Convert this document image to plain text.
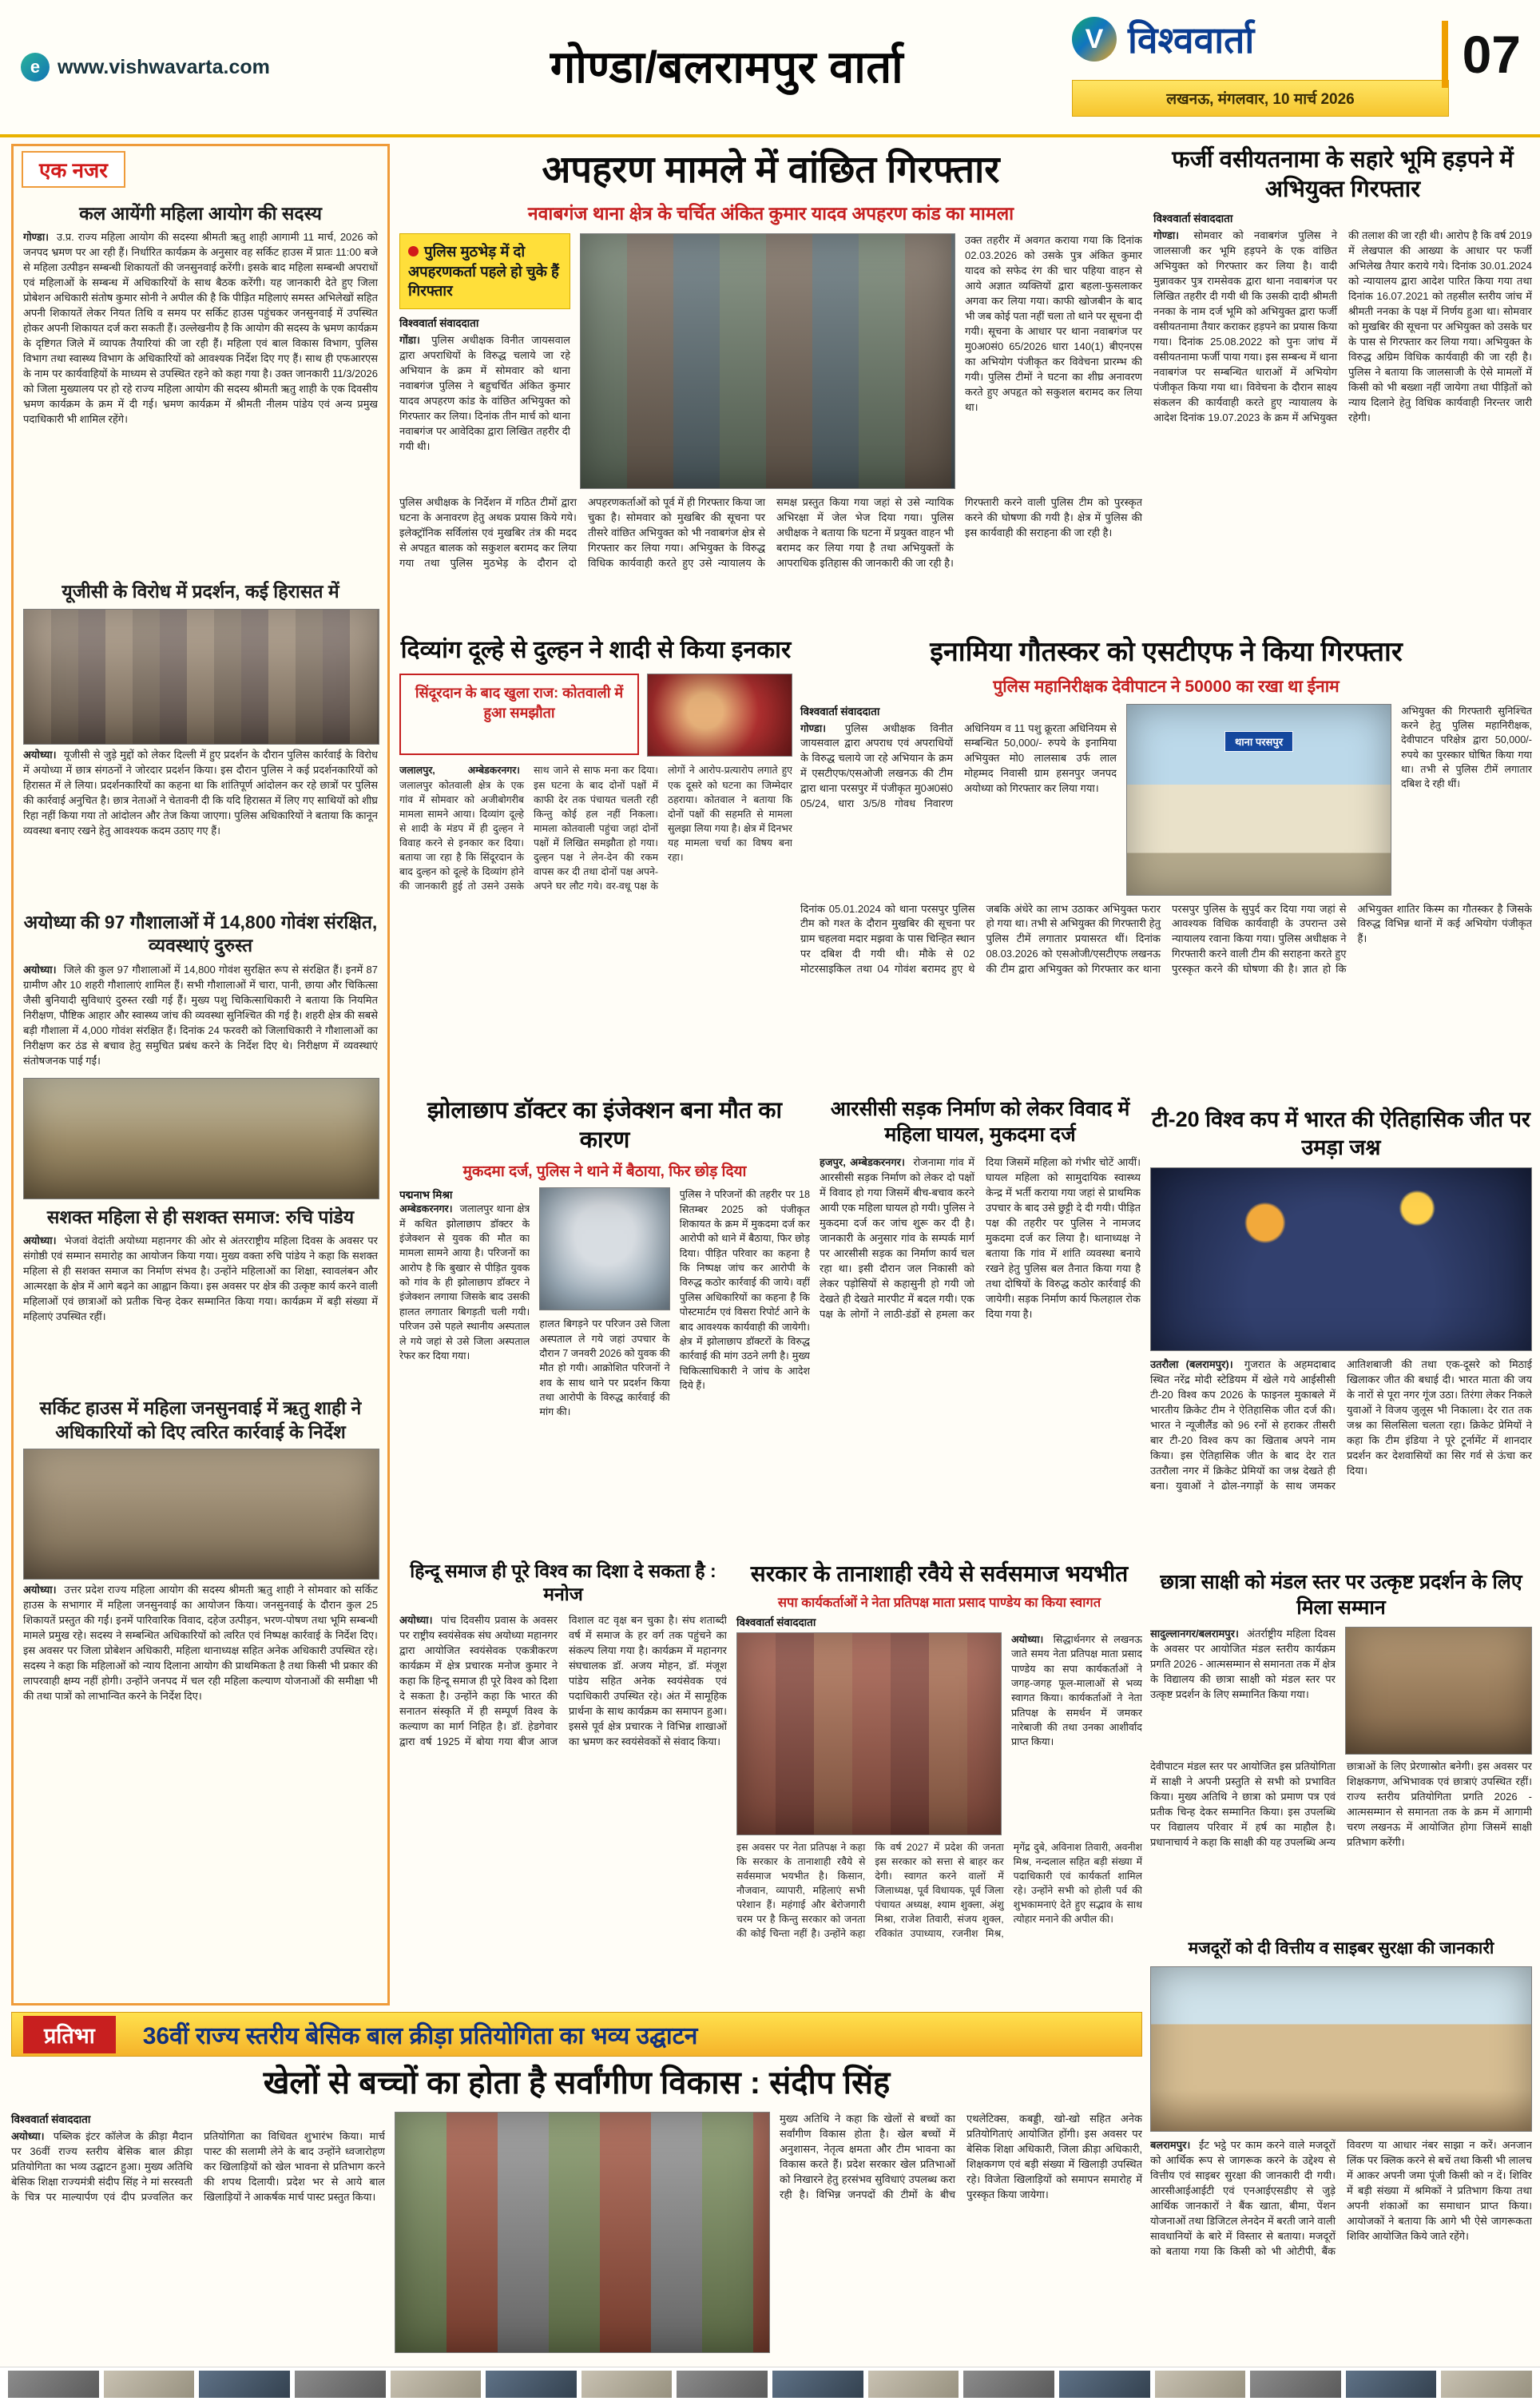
e www.vishwavarta.com	गोण्डा/बलरामपुर वार्ता
V विश्ववार्ता
लखनऊ, मंगलवार, 10 मार्च 2026
07
एक नजर
कल आयेंगी महिला आयोग की सदस्य
गोण्डा। उ.प्र. राज्य महिला आयोग की सदस्या श्रीमती ऋतु शाही आगामी 11 मार्च, 2026 को जनपद भ्रमण पर आ रही हैं। निर्धारित कार्यक्रम के अनुसार वह सर्किट हाउस में प्रातः 11:00 बजे से महिला उत्पीड़न सम्बन्धी शिकायतों की जनसुनवाई करेंगी। इसके बाद महिला सम्बन्धी अपराधों एवं महिलाओं के सम्बन्ध में अधिकारियों के साथ बैठक करेंगी। यह जानकारी देते हुए जिला प्रोबेशन अधिकारी संतोष कुमार सोनी ने अपील की है कि पीड़ित महिलाएं समस्त अभिलेखों सहित अपनी शिकायतें लेकर नियत तिथि व समय पर सर्किट हाउस पहुंचकर जनसुनवाई में उपस्थित होकर अपनी शिकायत दर्ज करा सकती हैं। उल्लेखनीय है कि आयोग की सदस्य के भ्रमण कार्यक्रम के दृष्टिगत जिले में व्यापक तैयारियां की जा रही हैं। महिला एवं बाल विकास विभाग, पुलिस विभाग तथा स्वास्थ्य विभाग के अधिकारियों को आवश्यक निर्देश दिए गए हैं। साथ ही एफआरएस के नाम पर कार्यवाहियों के माध्यम से उपस्थित रहने को कहा गया है। उक्त जानकारी 11/3/2026 को जिला मुख्यालय पर हो रहे राज्य महिला आयोग की सदस्य श्रीमती ऋतु शाही के एक दिवसीय भ्रमण कार्यक्रम के क्रम में दी गई। भ्रमण कार्यक्रम में श्रीमती नीलम पांडेय एवं अन्य प्रमुख पदाधिकारी भी शामिल रहेंगे।
यूजीसी के विरोध में प्रदर्शन, कई हिरासत में
अयोध्या। यूजीसी से जुड़े मुद्दों को लेकर दिल्ली में हुए प्रदर्शन के दौरान पुलिस कार्रवाई के विरोध में अयोध्या में छात्र संगठनों ने जोरदार प्रदर्शन किया। इस दौरान पुलिस ने कई प्रदर्शनकारियों को हिरासत में ले लिया। प्रदर्शनकारियों का कहना था कि शांतिपूर्ण आंदोलन कर रहे छात्रों पर पुलिस की कार्रवाई अनुचित है। छात्र नेताओं ने चेतावनी दी कि यदि हिरासत में लिए गए साथियों को शीघ्र रिहा नहीं किया गया तो आंदोलन और तेज किया जाएगा। पुलिस अधिकारियों ने बताया कि कानून व्यवस्था बनाए रखने हेतु आवश्यक कदम उठाए गए हैं।
अयोध्या की 97 गौशालाओं में 14,800 गोवंश संरक्षित, व्यवस्थाएं दुरुस्त
अयोध्या। जिले की कुल 97 गौशालाओं में 14,800 गोवंश सुरक्षित रूप से संरक्षित हैं। इनमें 87 ग्रामीण और 10 शहरी गौशालाएं शामिल हैं। सभी गौशालाओं में चारा, पानी, छाया और चिकित्सा जैसी बुनियादी सुविधाएं दुरुस्त रखी गई हैं। मुख्य पशु चिकित्साधिकारी ने बताया कि नियमित निरीक्षण, पौष्टिक आहार और स्वास्थ्य जांच की व्यवस्था सुनिश्चित की गई है। शहरी क्षेत्र की सबसे बड़ी गौशाला में 4,000 गोवंश संरक्षित हैं। दिनांक 24 फरवरी को जिलाधिकारी ने गौशालाओं का निरीक्षण कर ठंड से बचाव हेतु समुचित प्रबंध करने के निर्देश दिए थे। निरीक्षण में व्यवस्थाएं संतोषजनक पाई गईं।
सशक्त महिला से ही सशक्त समाज: रुचि पांडेय
अयोध्या। भेजवां वेदांती अयोध्या महानगर की ओर से अंतरराष्ट्रीय महिला दिवस के अवसर पर संगोष्ठी एवं सम्मान समारोह का आयोजन किया गया। मुख्य वक्ता रुचि पांडेय ने कहा कि सशक्त महिला से ही सशक्त समाज का निर्माण संभव है। उन्होंने महिलाओं का शिक्षा, स्वावलंबन और आत्मरक्षा के क्षेत्र में आगे बढ़ने का आह्वान किया। इस अवसर पर क्षेत्र की उत्कृष्ट कार्य करने वाली महिलाओं एवं छात्राओं को प्रतीक चिन्ह देकर सम्मानित किया गया। कार्यक्रम में बड़ी संख्या में महिलाएं उपस्थित रहीं।
सर्किट हाउस में महिला जनसुनवाई में ऋतु शाही ने अधिकारियों को दिए त्वरित कार्रवाई के निर्देश
अयोध्या। उत्तर प्रदेश राज्य महिला आयोग की सदस्य श्रीमती ऋतु शाही ने सोमवार को सर्किट हाउस के सभागार में महिला जनसुनवाई का आयोजन किया। जनसुनवाई के दौरान कुल 25 शिकायतें प्रस्तुत की गईं। इनमें पारिवारिक विवाद, दहेज उत्पीड़न, भरण-पोषण तथा भूमि सम्बन्धी मामले प्रमुख रहे। सदस्य ने सम्बन्धित अधिकारियों को त्वरित एवं निष्पक्ष कार्रवाई के निर्देश दिए। इस अवसर पर जिला प्रोबेशन अधिकारी, महिला थानाध्यक्ष सहित अनेक अधिकारी उपस्थित रहे। सदस्य ने कहा कि महिलाओं को न्याय दिलाना आयोग की प्राथमिकता है तथा किसी भी प्रकार की लापरवाही क्षम्य नहीं होगी। उन्होंने जनपद में चल रही महिला कल्याण योजनाओं की समीक्षा भी की तथा पात्रों को लाभान्वित करने के निर्देश दिए।
अपहरण मामले में वांछित गिरफ्तार
नवाबगंज थाना क्षेत्र के चर्चित अंकित कुमार यादव अपहरण कांड का मामला
पुलिस मुठभेड़ में दो अपहरणकर्ता पहले हो चुके हैं गिरफ्तार
विश्ववार्ता संवाददाता
गोंडा। पुलिस अधीक्षक विनीत जायसवाल द्वारा अपराधियों के विरुद्ध चलाये जा रहे अभियान के क्रम में सोमवार को थाना नवाबगंज पुलिस ने बहुचर्चित अंकित कुमार यादव अपहरण कांड के वांछित अभियुक्त को गिरफ्तार कर लिया। दिनांक तीन मार्च को थाना नवाबगंज पर आवेदिका द्वारा लिखित तहरीर दी गयी थी।
उक्त तहरीर में अवगत कराया गया कि दिनांक 02.03.2026 को उसके पुत्र अंकित कुमार यादव को सफेद रंग की चार पहिया वाहन से आये अज्ञात व्यक्तियों द्वारा बहला-फुसलाकर अगवा कर लिया गया। काफी खोजबीन के बाद भी जब कोई पता नहीं चला तो थाने पर सूचना दी गयी। सूचना के आधार पर थाना नवाबगंज पर मु0अ0सं0 65/2026 धारा 140(1) बीएनएस का अभियोग पंजीकृत कर विवेचना प्रारम्भ की गयी। पुलिस टीमों ने घटना का शीघ्र अनावरण करते हुए अपहृत को सकुशल बरामद कर लिया था।
पुलिस अधीक्षक के निर्देशन में गठित टीमों द्वारा घटना के अनावरण हेतु अथक प्रयास किये गये। इलेक्ट्रॉनिक सर्विलांस एवं मुखबिर तंत्र की मदद से अपहृत बालक को सकुशल बरामद कर लिया गया तथा पुलिस मुठभेड़ के दौरान दो अपहरणकर्ताओं को पूर्व में ही गिरफ्तार किया जा चुका है। सोमवार को मुखबिर की सूचना पर तीसरे वांछित अभियुक्त को भी नवाबगंज क्षेत्र से गिरफ्तार कर लिया गया। अभियुक्त के विरुद्ध विधिक कार्यवाही करते हुए उसे न्यायालय के समक्ष प्रस्तुत किया गया जहां से उसे न्यायिक अभिरक्षा में जेल भेज दिया गया। पुलिस अधीक्षक ने बताया कि घटना में प्रयुक्त वाहन भी बरामद कर लिया गया है तथा अभियुक्तों के आपराधिक इतिहास की जानकारी की जा रही है। गिरफ्तारी करने वाली पुलिस टीम को पुरस्कृत करने की घोषणा की गयी है। क्षेत्र में पुलिस की इस कार्यवाही की सराहना की जा रही है।
फर्जी वसीयतनामा के सहारे भूमि हड़पने में अभियुक्त गिरफ्तार
विश्ववार्ता संवाददाता
गोण्डा। सोमवार को नवाबगंज पुलिस ने जालसाजी कर भूमि हड़पने के एक वांछित अभियुक्त को गिरफ्तार कर लिया है। वादी मुन्नावकर पुत्र रामसेवक द्वारा थाना नवाबगंज पर लिखित तहरीर दी गयी थी कि उसकी दादी श्रीमती ननका के नाम दर्ज भूमि को अभियुक्त द्वारा फर्जी वसीयतनामा तैयार कराकर हड़पने का प्रयास किया गया। दिनांक 25.08.2022 को पुनः जांच में वसीयतनामा फर्जी पाया गया। इस सम्बन्ध में थाना नवाबगंज पर सम्बन्धित धाराओं में अभियोग पंजीकृत किया गया था। विवेचना के दौरान साक्ष्य संकलन की कार्यवाही करते हुए न्यायालय के आदेश दिनांक 19.07.2023 के क्रम में अभियुक्त की तलाश की जा रही थी। आरोप है कि वर्ष 2019 में लेखपाल की आख्या के आधार पर फर्जी अभिलेख तैयार कराये गये। दिनांक 30.01.2024 को न्यायालय द्वारा आदेश पारित किया गया तथा दिनांक 16.07.2021 को तहसील स्तरीय जांच में श्रीमती ननका के पक्ष में निर्णय हुआ था। सोमवार को मुखबिर की सूचना पर अभियुक्त को उसके घर के पास से गिरफ्तार कर लिया गया। अभियुक्त के विरुद्ध अग्रिम विधिक कार्यवाही की जा रही है। पुलिस ने बताया कि जालसाजी के ऐसे मामलों में किसी को भी बख्शा नहीं जायेगा तथा पीड़ितों को न्याय दिलाने हेतु विधिक कार्यवाही निरन्तर जारी रहेगी।
दिव्यांग दूल्हे से दुल्हन ने शादी से किया इनकार
सिंदूरदान के बाद खुला राज: कोतवाली में हुआ समझौता
जलालपुर, अम्बेडकरनगर। जलालपुर कोतवाली क्षेत्र के एक गांव में सोमवार को अजीबोगरीब मामला सामने आया। दिव्यांग दूल्हे से शादी के मंडप में ही दुल्हन ने विवाह करने से इनकार कर दिया। बताया जा रहा है कि सिंदूरदान के बाद दुल्हन को दूल्हे के दिव्यांग होने की जानकारी हुई तो उसने उसके साथ जाने से साफ मना कर दिया। इस घटना के बाद दोनों पक्षों में काफी देर तक पंचायत चलती रही किन्तु कोई हल नहीं निकला। मामला कोतवाली पहुंचा जहां दोनों पक्षों में लिखित समझौता हो गया। दुल्हन पक्ष ने लेन-देन की रकम वापस कर दी तथा दोनों पक्ष अपने-अपने घर लौट गये। वर-वधू पक्ष के लोगों ने आरोप-प्रत्यारोप लगाते हुए एक दूसरे को घटना का जिम्मेदार ठहराया। कोतवाल ने बताया कि दोनों पक्षों की सहमति से मामला सुलझा लिया गया है। क्षेत्र में दिनभर यह मामला चर्चा का विषय बना रहा।
इनामिया गौतस्कर को एसटीएफ ने किया गिरफ्तार
पुलिस महानिरीक्षक देवीपाटन ने 50000 का रखा था ईनाम
विश्ववार्ता संवाददाता
गोण्डा। पुलिस अधीक्षक विनीत जायसवाल द्वारा अपराध एवं अपराधियों के विरुद्ध चलाये जा रहे अभियान के क्रम में एसटीएफ/एसओजी लखनऊ की टीम द्वारा थाना परसपुर में पंजीकृत मु0अ0सं0 05/24, धारा 3/5/8 गोवध निवारण अधिनियम व 11 पशु क्रूरता अधिनियम से सम्बन्धित 50,000/- रुपये के इनामिया अभियुक्त मो0 लालसाब उर्फ लाल मोहम्मद निवासी ग्राम हसनपुर जनपद अयोध्या को गिरफ्तार कर लिया गया।
थाना परसपुर
अभियुक्त की गिरफ्तारी सुनिश्चित करने हेतु पुलिस महानिरीक्षक, देवीपाटन परिक्षेत्र द्वारा 50,000/- रुपये का पुरस्कार घोषित किया गया था। तभी से पुलिस टीमें लगातार दबिश दे रही थीं।
दिनांक 05.01.2024 को थाना परसपुर पुलिस टीम को गश्त के दौरान मुखबिर की सूचना पर ग्राम चहलवा मदार मझवा के पास चिन्हित स्थान पर दबिश दी गयी थी। मौके से 02 मोटरसाइकिल तथा 04 गोवंश बरामद हुए थे जबकि अंधेरे का लाभ उठाकर अभियुक्त फरार हो गया था। तभी से अभियुक्त की गिरफ्तारी हेतु पुलिस टीमें लगातार प्रयासरत थीं। दिनांक 08.03.2026 को एसओजी/एसटीएफ लखनऊ की टीम द्वारा अभियुक्त को गिरफ्तार कर थाना परसपुर पुलिस के सुपुर्द कर दिया गया जहां से आवश्यक विधिक कार्यवाही के उपरान्त उसे न्यायालय रवाना किया गया। पुलिस अधीक्षक ने गिरफ्तारी करने वाली टीम की सराहना करते हुए पुरस्कृत करने की घोषणा की है। ज्ञात हो कि अभियुक्त शातिर किस्म का गौतस्कर है जिसके विरुद्ध विभिन्न थानों में कई अभियोग पंजीकृत हैं।
झोलाछाप डॉक्टर का इंजेक्शन बना मौत का कारण
मुकदमा दर्ज, पुलिस ने थाने में बैठाया, फिर छोड़ दिया
पद्मनाभ मिश्रा
अम्बेडकरनगर। जलालपुर थाना क्षेत्र में कथित झोलाछाप डॉक्टर के इंजेक्शन से युवक की मौत का मामला सामने आया है। परिजनों का आरोप है कि बुखार से पीड़ित युवक को गांव के ही झोलाछाप डॉक्टर ने इंजेक्शन लगाया जिसके बाद उसकी हालत लगातार बिगड़ती चली गयी। परिजन उसे पहले स्थानीय अस्पताल ले गये जहां से उसे जिला अस्पताल रेफर कर दिया गया।
हालत बिगड़ने पर परिजन उसे जिला अस्पताल ले गये जहां उपचार के दौरान 7 जनवरी 2026 को युवक की मौत हो गयी। आक्रोशित परिजनों ने शव के साथ थाने पर प्रदर्शन किया तथा आरोपी के विरुद्ध कार्रवाई की मांग की।
पुलिस ने परिजनों की तहरीर पर 18 सितम्बर 2025 को पंजीकृत शिकायत के क्रम में मुकदमा दर्ज कर आरोपी को थाने में बैठाया, फिर छोड़ दिया। पीड़ित परिवार का कहना है कि निष्पक्ष जांच कर आरोपी के विरुद्ध कठोर कार्रवाई की जाये। वहीं पुलिस अधिकारियों का कहना है कि पोस्टमार्टम एवं विसरा रिपोर्ट आने के बाद आवश्यक कार्यवाही की जायेगी। क्षेत्र में झोलाछाप डॉक्टरों के विरुद्ध कार्रवाई की मांग उठने लगी है। मुख्य चिकित्साधिकारी ने जांच के आदेश दिये हैं।
आरसीसी सड़क निर्माण को लेकर विवाद में महिला घायल, मुकदमा दर्ज
हजपुर, अम्बेडकरनगर। रोजनामा गांव में आरसीसी सड़क निर्माण को लेकर दो पक्षों में विवाद हो गया जिसमें बीच-बचाव करने आयी एक महिला घायल हो गयी। पुलिस ने मुकदमा दर्ज कर जांच शु्रू कर दी है। जानकारी के अनुसार गांव के सम्पर्क मार्ग पर आरसीसी सड़क का निर्माण कार्य चल रहा था। इसी दौरान जल निकासी को लेकर पड़ोसियों से कहासुनी हो गयी जो देखते ही देखते मारपीट में बदल गयी। एक पक्ष के लोगों ने लाठी-डंडों से हमला कर दिया जिसमें महिला को गंभीर चोटें आयीं। घायल महिला को सामुदायिक स्वास्थ्य केन्द्र में भर्ती कराया गया जहां से प्राथमिक उपचार के बाद उसे छुट्टी दे दी गयी। पीड़ित पक्ष की तहरीर पर पुलिस ने नामजद मुकदमा दर्ज कर लिया है। थानाध्यक्ष ने बताया कि गांव में शांति व्यवस्था बनाये रखने हेतु पुलिस बल तैनात किया गया है तथा दोषियों के विरुद्ध कठोर कार्रवाई की जायेगी। सड़क निर्माण कार्य फिलहाल रोक दिया गया है।
टी-20 विश्व कप में भारत की ऐतिहासिक जीत पर उमड़ा जश्न
उतरौला (बलरामपुर)। गुजरात के अहमदाबाद स्थित नरेंद्र मोदी स्टेडियम में खेले गये आईसीसी टी-20 विश्व कप 2026 के फाइनल मुकाबले में भारतीय क्रिकेट टीम ने ऐतिहासिक जीत दर्ज की। भारत ने न्यूजीलैंड को 96 रनों से हराकर तीसरी बार टी-20 विश्व कप का खिताब अपने नाम किया। इस ऐतिहासिक जीत के बाद देर रात उतरौला नगर में क्रिकेट प्रेमियों का जश्न देखते ही बना। युवाओं ने ढोल-नगाड़ों के साथ जमकर आतिशबाजी की तथा एक-दूसरे को मिठाई खिलाकर जीत की बधाई दी। भारत माता की जय के नारों से पूरा नगर गूंज उठा। तिरंगा लेकर निकले युवाओं ने विजय जुलूस भी निकाला। देर रात तक जश्न का सिलसिला चलता रहा। क्रिकेट प्रेमियों ने कहा कि टीम इंडिया ने पूरे टूर्नामेंट में शानदार प्रदर्शन कर देशवासियों का सिर गर्व से ऊंचा कर दिया।
हिन्दू समाज ही पूरे विश्व का दिशा दे सकता है : मनोज
अयोध्या। पांच दिवसीय प्रवास के अवसर पर राष्ट्रीय स्वयंसेवक संघ अयोध्या महानगर द्वारा आयोजित स्वयंसेवक एकत्रीकरण कार्यक्रम में क्षेत्र प्रचारक मनोज कुमार ने कहा कि हिन्दू समाज ही पूरे विश्व को दिशा दे सकता है। उन्होंने कहा कि भारत की सनातन संस्कृति में ही सम्पूर्ण विश्व के कल्याण का मार्ग निहित है। डॉ. हेडगेवार द्वारा वर्ष 1925 में बोया गया बीज आज विशाल वट वृक्ष बन चुका है। संघ शताब्दी वर्ष में समाज के हर वर्ग तक पहुंचने का संकल्प लिया गया है। कार्यक्रम में महानगर संघचालक डॉ. अजय मोहन, डॉ. मंजूश पांडेय सहित अनेक स्वयंसेवक एवं पदाधिकारी उपस्थित रहे। अंत में सामूहिक प्रार्थना के साथ कार्यक्रम का समापन हुआ। इससे पूर्व क्षेत्र प्रचारक ने विभिन्न शाखाओं का भ्रमण कर स्वयंसेवकों से संवाद किया।
सरकार के तानाशाही रवैये से सर्वसमाज भयभीत
सपा कार्यकर्ताओं ने नेता प्रतिपक्ष माता प्रसाद पाण्डेय का किया स्वागत
विश्ववार्ता संवाददाता
अयोध्या। सिद्धार्थनगर से लखनऊ जाते समय नेता प्रतिपक्ष माता प्रसाद पाण्डेय का सपा कार्यकर्ताओं ने जगह-जगह फूल-मालाओं से भव्य स्वागत किया। कार्यकर्ताओं ने नेता प्रतिपक्ष के समर्थन में जमकर नारेबाजी की तथा उनका आशीर्वाद प्राप्त किया।
इस अवसर पर नेता प्रतिपक्ष ने कहा कि सरकार के तानाशाही रवैये से सर्वसमाज भयभीत है। किसान, नौजवान, व्यापारी, महिलाएं सभी परेशान हैं। महंगाई और बेरोजगारी चरम पर है किन्तु सरकार को जनता की कोई चिन्ता नहीं है। उन्होंने कहा कि वर्ष 2027 में प्रदेश की जनता इस सरकार को सत्ता से बाहर कर देगी। स्वागत करने वालों में जिलाध्यक्ष, पूर्व विधायक, पूर्व जिला पंचायत अध्यक्ष, श्याम शुक्ला, अंशु मिश्रा, राजेश तिवारी, संजय शुक्ल, रविकांत उपाध्याय, रजनीश मिश्र, मृगेंद्र दुबे, अविनाश तिवारी, अवनीश मिश्र, नन्दलाल सहित बड़ी संख्या में पदाधिकारी एवं कार्यकर्ता शामिल रहे। उन्होंने सभी को होली पर्व की शुभकामनाएं देते हुए सद्भाव के साथ त्योहार मनाने की अपील की।
छात्रा साक्षी को मंडल स्तर पर उत्कृष्ट प्रदर्शन के लिए मिला सम्मान
सादुल्लानगर/बलरामपुर। अंतर्राष्ट्रीय महिला दिवस के अवसर पर आयोजित मंडल स्तरीय कार्यक्रम प्रगति 2026 - आत्मसम्मान से समानता तक में क्षेत्र के विद्यालय की छात्रा साक्षी को मंडल स्तर पर उत्कृष्ट प्रदर्शन के लिए सम्मानित किया गया।
देवीपाटन मंडल स्तर पर आयोजित इस प्रतियोगिता में साक्षी ने अपनी प्रस्तुति से सभी को प्रभावित किया। मुख्य अतिथि ने छात्रा को प्रमाण पत्र एवं प्रतीक चिन्ह देकर सम्मानित किया। इस उपलब्धि पर विद्यालय परिवार में हर्ष का माहौल है। प्रधानाचार्य ने कहा कि साक्षी की यह उपलब्धि अन्य छात्राओं के लिए प्रेरणास्रोत बनेगी। इस अवसर पर शिक्षकगण, अभिभावक एवं छात्राएं उपस्थित रहीं। राज्य स्तरीय प्रतियोगिता प्रगति 2026 - आत्मसम्मान से समानता तक के क्रम में आगामी चरण लखनऊ में आयोजित होगा जिसमें साक्षी प्रतिभाग करेंगी।
मजदूरों को दी वित्तीय व साइबर सुरक्षा की जानकारी
बलरामपुर। ईंट भट्ठे पर काम करने वाले मजदूरों को आर्थिक रूप से जागरूक करने के उद्देश्य से वित्तीय एवं साइबर सुरक्षा की जानकारी दी गयी। आरसीआईआईटी एवं एनआईएसडीए से जुड़े आर्थिक जानकारों ने बैंक खाता, बीमा, पेंशन योजनाओं तथा डिजिटल लेनदेन में बरती जाने वाली सावधानियों के बारे में विस्तार से बताया। मजदूरों को बताया गया कि किसी को भी ओटीपी, बैंक विवरण या आधार नंबर साझा न करें। अनजान लिंक पर क्लिक करने से बचें तथा किसी भी लालच में आकर अपनी जमा पूंजी किसी को न दें। शिविर में बड़ी संख्या में श्रमिकों ने प्रतिभाग किया तथा अपनी शंकाओं का समाधान प्राप्त किया। आयोजकों ने बताया कि आगे भी ऐसे जागरूकता शिविर आयोजित किये जाते रहेंगे।
प्रतिभा	36वीं राज्य स्तरीय बेसिक बाल क्रीड़ा प्रतियोगिता का भव्य उद्घाटन
खेलों से बच्चों का होता है सर्वांगीण विकास : संदीप सिंह
विश्ववार्ता संवाददाता
अयोध्या। पब्लिक इंटर कॉलेज के क्रीड़ा मैदान पर 36वीं राज्य स्तरीय बेसिक बाल क्रीड़ा प्रतियोगिता का भव्य उद्घाटन हुआ। मुख्य अतिथि बेसिक शिक्षा राज्यमंत्री संदीप सिंह ने मां सरस्वती के चित्र पर माल्यार्पण एवं दीप प्रज्वलित कर प्रतियोगिता का विधिवत शुभारंभ किया। मार्च पास्ट की सलामी लेने के बाद उन्होंने ध्वजारोहण कर खिलाड़ियों को खेल भावना से प्रतिभाग करने की शपथ दिलायी। प्रदेश भर से आये बाल खिलाड़ियों ने आकर्षक मार्च पास्ट प्रस्तुत किया।
मुख्य अतिथि ने कहा कि खेलों से बच्चों का सर्वांगीण विकास होता है। खेल बच्चों में अनुशासन, नेतृत्व क्षमता और टीम भावना का विकास करते हैं। प्रदेश सरकार खेल प्रतिभाओं को निखारने हेतु हरसंभव सुविधाएं उपलब्ध करा रही है। विभिन्न जनपदों की टीमों के बीच एथलेटिक्स, कबड्डी, खो-खो सहित अनेक प्रतियोगिताएं आयोजित होंगी। इस अवसर पर बेसिक शिक्षा अधिकारी, जिला क्रीड़ा अधिकारी, शिक्षकगण एवं बड़ी संख्या में खिलाड़ी उपस्थित रहे। विजेता खिलाड़ियों को समापन समारोह में पुरस्कृत किया जायेगा।
